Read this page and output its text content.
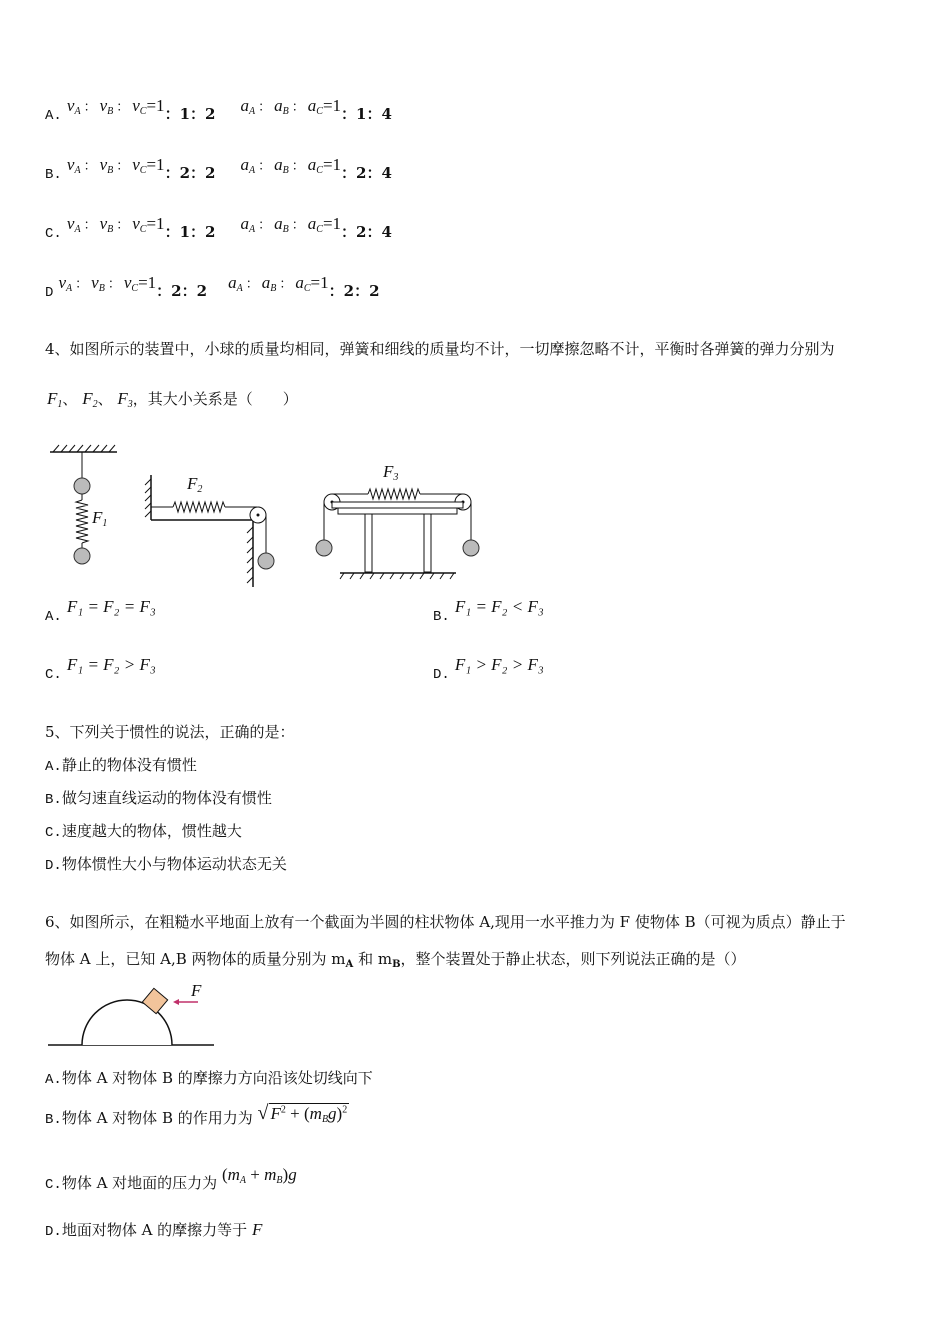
A. $v_A$ ： $v_B$ ： $v_C=1$：1：2 $a_A$ ： $a_B$ ： $a_C=1$：1：4
B. $v_A$ ： $v_B$ ： $v_C=1$：2：2 $a_A$ ： $a_B$ ： $a_C=1$：2：4
C. $v_A$ ： $v_B$ ： $v_C=1$：1：2 $a_A$ ： $a_B$ ： $a_C=1$：2：4
D $v_A$ ： $v_B$ ： $v_C=1$：2：2 $a_A$ ： $a_B$ ： $a_C=1$：2：2
4、如图所示的装置中，小球的质量均相同，弹簧和细线的质量均不计，一切摩擦忽略不计，平衡时各弹簧的弹力分别为
$F_1$、 $F_2$、 $F_3$，其大小关系是（　　）
$F_1$
$F_2$
$F_3$
A. F₁ = F₂ = F₃
B. F₁ = F₂ < F₃
C. F₁ = F₂ > F₃
D. F₁ > F₂ > F₃
5、下列关于惯性的说法，正确的是：
A.静止的物体没有惯性
B.做匀速直线运动的物体没有惯性
C.速度越大的物体，惯性越大
D.物体惯性大小与物体运动状态无关
6、如图所示，在粗糙水平地面上放有一个截面为半圆的柱状物体 A,现用一水平推力为 F 使物体 B（可视为质点）静止于
物体 A 上，已知 A,B 两物体的质量分别为 $m_A$ 和 $m_B$，整个装置处于静止状态，则下列说法正确的是（）
F
A.物体 A 对物体 B 的摩擦力方向沿该处切线向下
B.物体 A 对物体 B 的作用力为 √ $F^2 + (m_Bg)^2$
C.物体 A 对地面的压力为 $(m_A + m_B)g$
D.地面对物体 A 的摩擦力等于 F
